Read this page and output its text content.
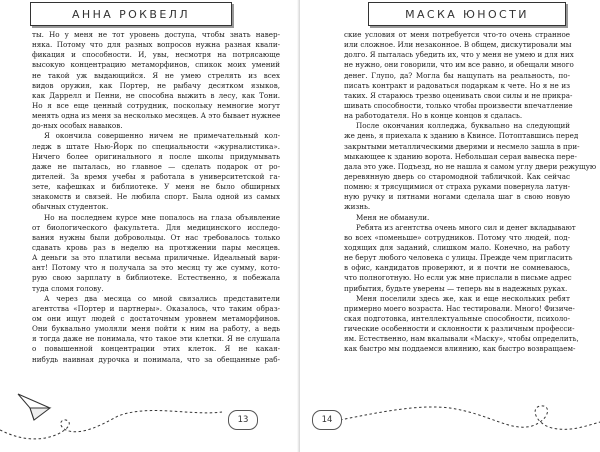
АННА РОКВЕЛЛ
ты. Но у меня не тот уровень доступа, чтобы знать навер-
няка. Потому что для разных вопросов нужна разная квали-
фикация и способности. И, увы, несмотря на потрясающе
высокую концентрацию метаморфинов, спикок моих умений
не такой уж выдающийся. Я не умею стрелять из всех
видов оружия, как Портер, не рыбачу десятком языков,
как Даррелл и Пенни, не способна выжить в лесу, как Тони.
Но я все еще ценный сотрудник, поскольку немногие могут
менять одна из меня за несколько месяцев. А это бывает нужнее
до-ных особых навыков.
Я окончила совершенно ничем не примечательный кол-
ледж в штате Нью-Йорк по специальности «журналистика».
Ничего более оригинального я после школы придумывать
даже не пыталась, но главное — сделать подарок от ро-
дителей. За время учебы я работала в университетской га-
зете, кафешках и библиотеке. У меня не было обширных
знакомств и связей. Не любила спорт. Была одной из самых
обычных студенток.
Но на последнем курсе мне попалось на глаза объявление
от биологического факультета. Для медицинского исследо-
вания нужны были добровольцы. От нас требовалось только
сдавать кровь раз в неделю на протяжении пары месяцев.
А деньги за это платили весьма приличные. Идеальный вари-
ант! Потому что я получала за это месяц ту же сумму, кото-
рую свою зарплату в библиотеке. Естественно, я побежала
туда сломя голову.
А через два месяца со мной связались представители
агентства «Портер и партнеры». Оказалось, что таким образ-
ом они ищут людей с достаточным уровнем метаморфинов.
Они буквально умоляли меня пойти к ним на работу, а ведь
я тогда даже не понимала, что такое эти клетки. Я не слушала
о повышенной концентрации этих клеток. Я не какая-
нибудь наивная дурочка и понимала, что за обещанные раб-
13
МАСКА ЮНОСТИ
скиe условия от меня потребуется что-то очень странное
или сложное. Или незаконное. В общем, дискутировали мы
долго. Я пыталась убедить их, что у меня не умею и для них
не нужно, они говорили, что им все равно, и обещали много
денег. Глупо, да? Могла бы нащупать на реальность, по-
писать контракт и радоваться подаркам к чете. Но я не из
таких. Я стараюсь трезво оценивать свои силы и не прикра-
шивать способности, только чтобы произвести впечатление
на работодателя. Но в конце концов я сдалась.
После окончания колледжа, буквально на следующий
же день, я приехала к зданию в Квинсе. Потоптавшись перед
закрытыми металлическими дверями и несмело зашла в при-
мыкающее к зданию ворота. Небольшая серая вывеска пере-
дала это уже. Подъезд, но не нашла я самом углу двери режущую
деревянную дверь со старомодной табличкой. Как сейчас
помню: я трясущимися от страха руками повернула латун-
ную ручку и пятнами ногами сделала шаг в свою новую
жизнь.
Меня не обманули.
Ребята из агентства очень много сил и денег вкладывают
во всех «поменьше» сотрудников. Потому что людей, под-
ходящих для заданий, слишком мало. Конечно, на работу
не берут любого человека с улицы. Прежде чем пригласить
в офис, кандидатов проверяют, и я почти не сомневаюсь,
что полноготную. Но если уж мне прислали в письме адрес
прибытия, будьте уверены — теперь вы в надежных руках.
Меня поселили здесь же, как и еще нескольких ребят
примерно моего возраста. Нас тестировали. Много! Физиче-
ская подготовка, интеллектуальные способности, психоло-
гические особенности и склонности к различным професси-
ям. Естественно, нам вкалывали «Маску», чтобы определить,
как быстро мы поддаемся влиянию, как быстро возвращаем-
14
